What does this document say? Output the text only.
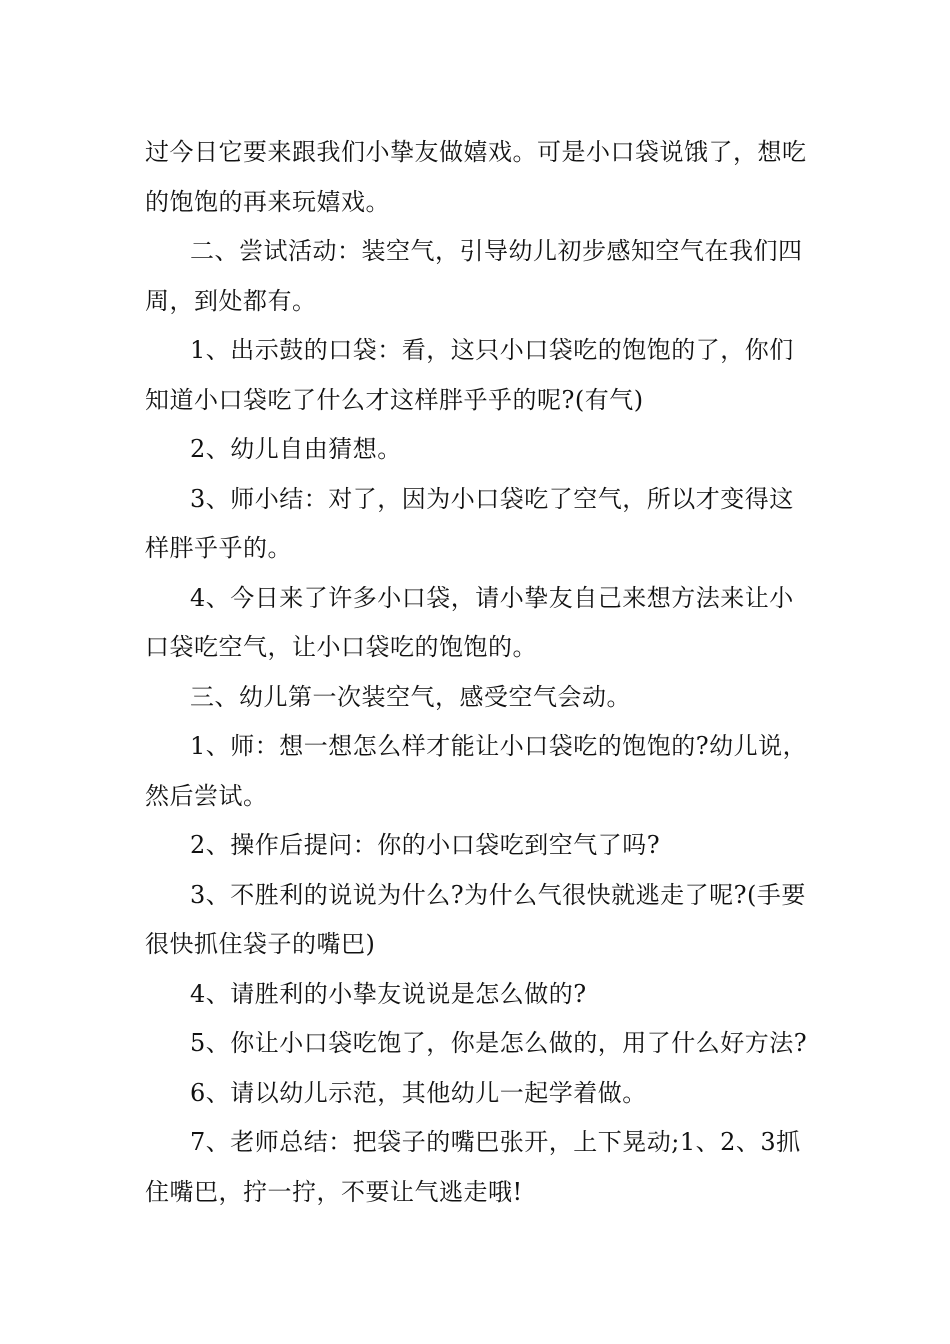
过今日它要来跟我们小挚友做嬉戏。可是小口袋说饿了，想吃的饱饱的再来玩嬉戏。

二、尝试活动：装空气，引导幼儿初步感知空气在我们四周，到处都有。

1、出示鼓的口袋：看，这只小口袋吃的饱饱的了，你们知道小口袋吃了什么才这样胖乎乎的呢?(有气)

2、幼儿自由猜想。

3、师小结：对了，因为小口袋吃了空气，所以才变得这样胖乎乎的。

4、今日来了许多小口袋，请小挚友自己来想方法来让小口袋吃空气，让小口袋吃的饱饱的。

三、幼儿第一次装空气，感受空气会动。

1、师：想一想怎么样才能让小口袋吃的饱饱的?幼儿说，然后尝试。

2、操作后提问：你的小口袋吃到空气了吗?

3、不胜利的说说为什么?为什么气很快就逃走了呢?(手要很快抓住袋子的嘴巴)

4、请胜利的小挚友说说是怎么做的?

5、你让小口袋吃饱了，你是怎么做的，用了什么好方法?

6、请以幼儿示范，其他幼儿一起学着做。

7、老师总结：把袋子的嘴巴张开，上下晃动;1、2、3抓住嘴巴，拧一拧，不要让气逃走哦!
